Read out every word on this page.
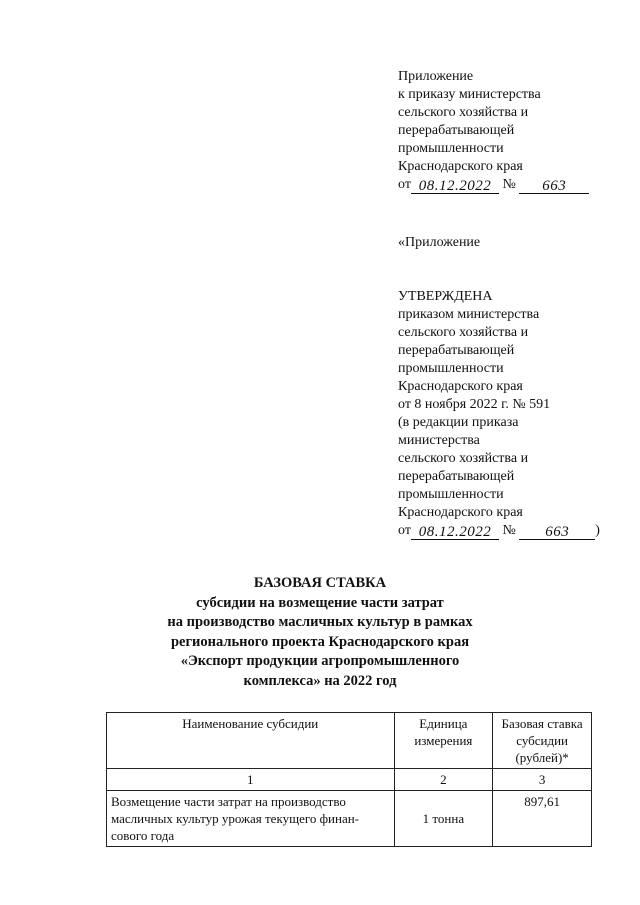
Приложение
к приказу министерства
сельского хозяйства и
перерабатывающей
промышленности
Краснодарского края
от 08.12.2022 № 663
«Приложение
УТВЕРЖДЕНА
приказом министерства
сельского хозяйства и
перерабатывающей
промышленности
Краснодарского края
от 8 ноября 2022 г. № 591
(в редакции приказа
министерства
сельского хозяйства и
перерабатывающей
промышленности
Краснодарского края
от 08.12.2022 № 663 )
БАЗОВАЯ СТАВКА
субсидии на возмещение части затрат
на производство масличных культур в рамках
регионального проекта Краснодарского края
«Экспорт продукции агропромышленного
комплекса» на 2022 год
Наименование субсидии	Единица измерения	Базовая ставка субсидии (рублей)*
1	2	3
Возмещение части затрат на производство масличных культур урожая текущего финан-сового года	1 тонна	897,61
